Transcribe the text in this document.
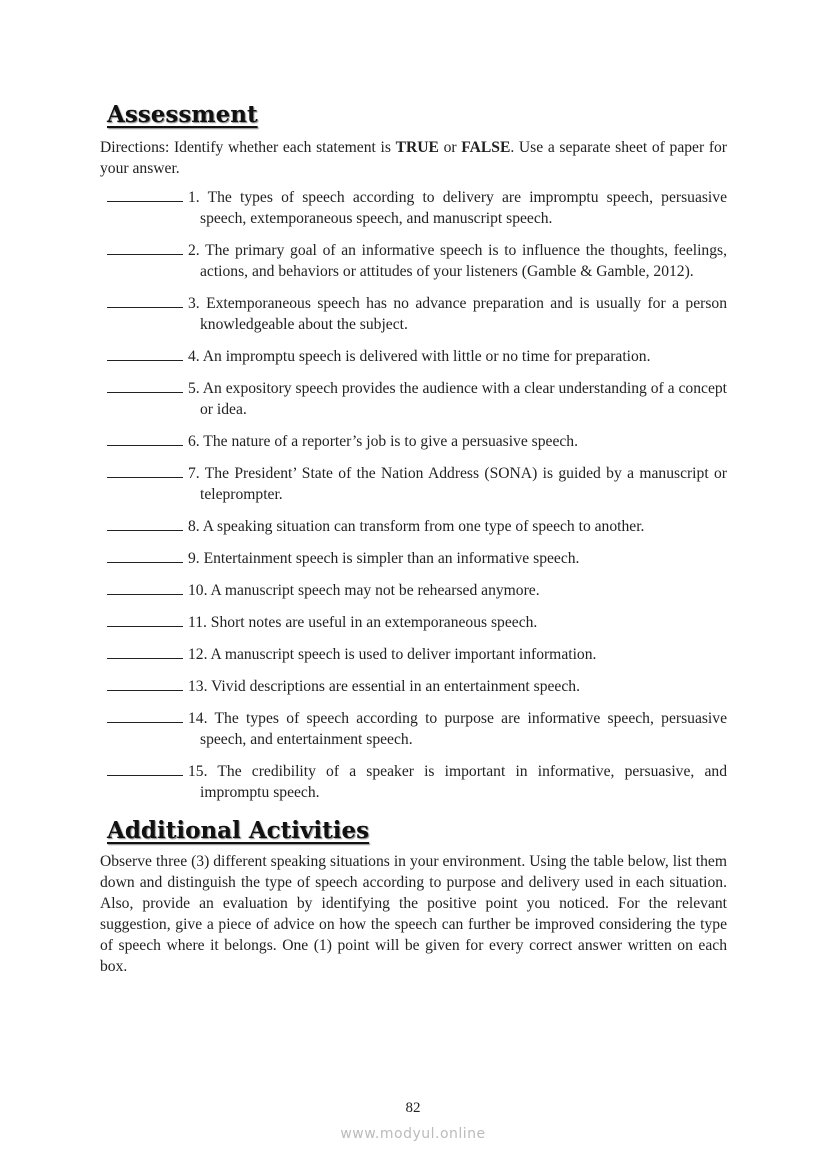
Assessment

Directions: Identify whether each statement is TRUE or FALSE. Use a separate sheet of paper for your answer.

1. The types of speech according to delivery are impromptu speech, persuasive speech, extemporaneous speech, and manuscript speech.
2. The primary goal of an informative speech is to influence the thoughts, feelings, actions, and behaviors or attitudes of your listeners (Gamble & Gamble, 2012).
3. Extemporaneous speech has no advance preparation and is usually for a person knowledgeable about the subject.
4. An impromptu speech is delivered with little or no time for preparation.
5. An expository speech provides the audience with a clear understanding of a concept or idea.
6. The nature of a reporter’s job is to give a persuasive speech.
7. The President’ State of the Nation Address (SONA) is guided by a manuscript or teleprompter.
8. A speaking situation can transform from one type of speech to another.
9. Entertainment speech is simpler than an informative speech.
10. A manuscript speech may not be rehearsed anymore.
11. Short notes are useful in an extemporaneous speech.
12. A manuscript speech is used to deliver important information.
13. Vivid descriptions are essential in an entertainment speech.
14. The types of speech according to purpose are informative speech, persuasive speech, and entertainment speech.
15. The credibility of a speaker is important in informative, persuasive, and impromptu speech.
Additional Activities

Observe three (3) different speaking situations in your environment. Using the table below, list them down and distinguish the type of speech according to purpose and delivery used in each situation. Also, provide an evaluation by identifying the positive point you noticed. For the relevant suggestion, give a piece of advice on how the speech can further be improved considering the type of speech where it belongs. One (1) point will be given for every correct answer written on each box.

82
www.modyul.online
